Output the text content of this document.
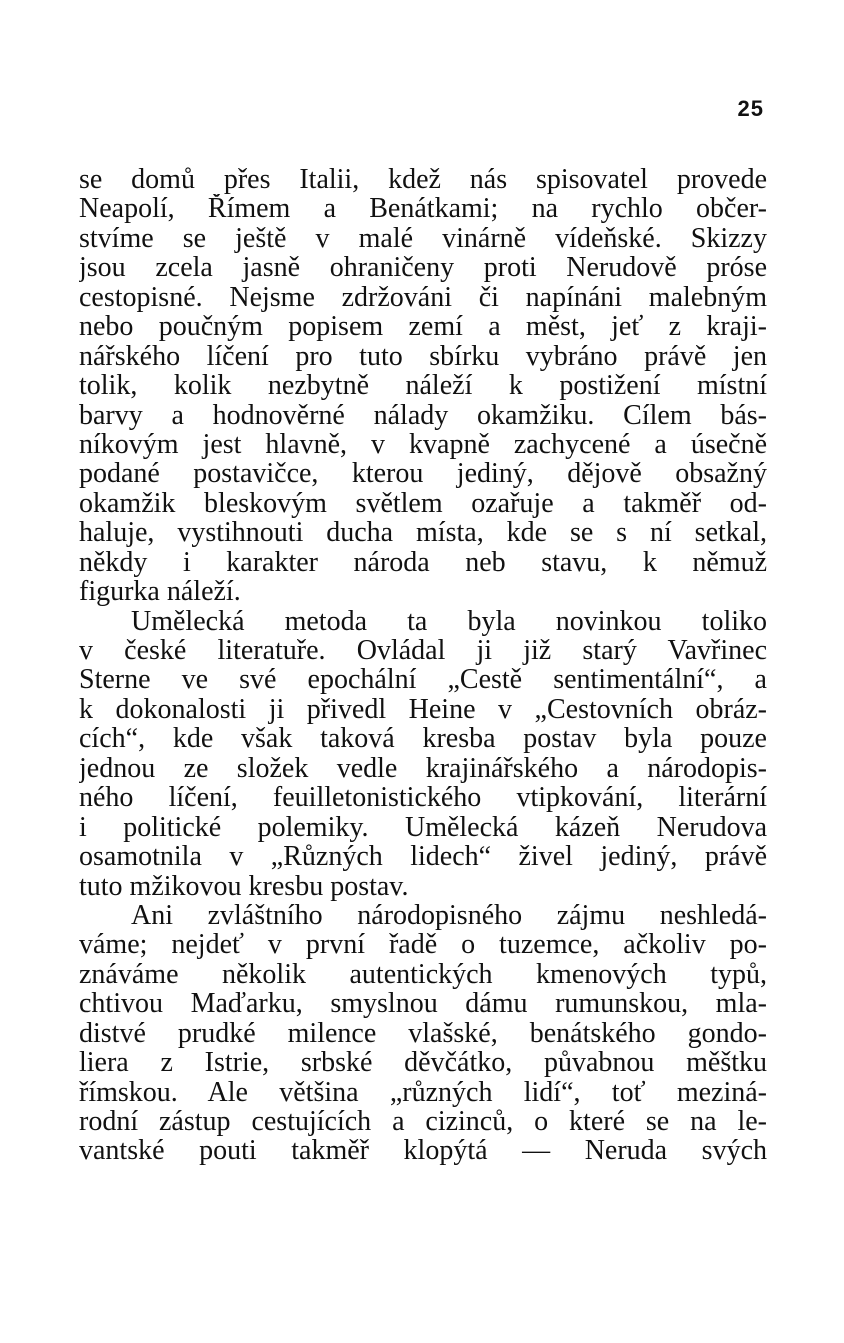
25
se domů přes Italii, kdež nás spisovatel provede
Neapolí, Římem a Benátkami; na rychlo občer-
stvíme se ještě v malé vinárně vídeňské. Skizzy
jsou zcela jasně ohraničeny proti Nerudově próse
cestopisné. Nejsme zdržováni či napínáni malebným
nebo poučným popisem zemí a měst, jeť z kraji-
nářského líčení pro tuto sbírku vybráno právě jen
tolik, kolik nezbytně náleží k postižení místní
barvy a hodnověrné nálady okamžiku. Cílem bás-
níkovým jest hlavně, v kvapně zachycené a úsečně
podané postavičce, kterou jediný, dějově obsažný
okamžik bleskovým světlem ozařuje a takměř od-
haluje, vystihnouti ducha místa, kde se s ní setkal,
někdy i karakter národa neb stavu, k němuž
figurka náleží.
Umělecká metoda ta byla novinkou toliko
v české literatuře. Ovládal ji již starý Vavřinec
Sterne ve své epochální „Cestě sentimentální“, a
k dokonalosti ji přivedl Heine v „Cestovních obráz-
cích“, kde však taková kresba postav byla pouze
jednou ze složek vedle krajinářského a národopis-
ného líčení, feuilletonistického vtipkování, literární
i politické polemiky. Umělecká kázeň Nerudova
osamotnila v „Různých lidech“ živel jediný, právě
tuto mžikovou kresbu postav.
Ani zvláštního národopisného zájmu neshledá-
váme; nejdeť v první řadě o tuzemce, ačkoliv po-
znáváme několik autentických kmenových typů,
chtivou Maďarku, smyslnou dámu rumunskou, mla-
distvé prudké milence vlašské, benátského gondo-
liera z Istrie, srbské děvčátko, půvabnou měštku
římskou. Ale většina „různých lidí“, toť meziná-
rodní zástup cestujících a cizinců, o které se na le-
vantské pouti takměř klopýtá — Neruda svých
